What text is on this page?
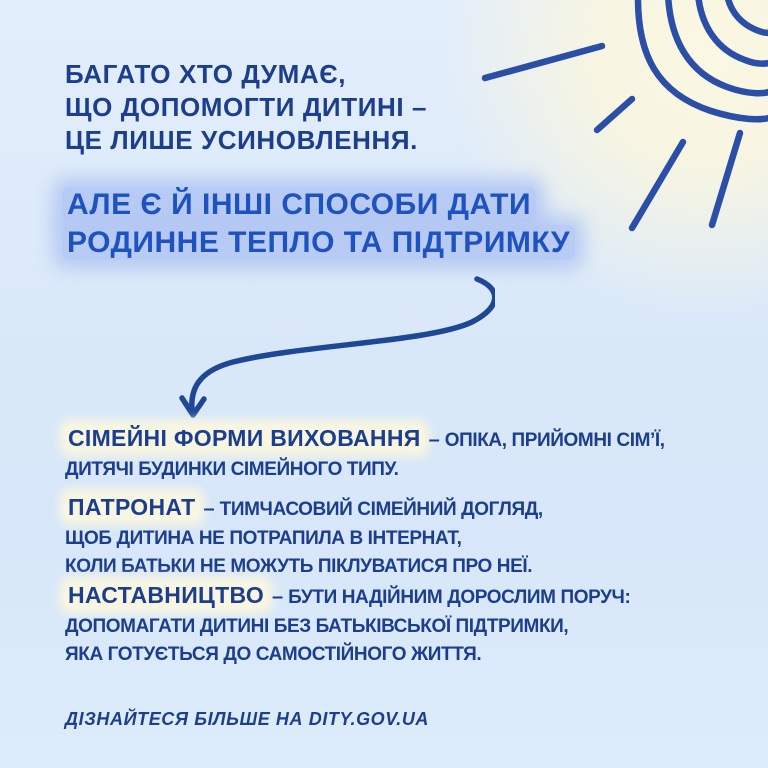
БАГАТО ХТО ДУМАЄ,
ЩО ДОПОМОГТИ ДИТИНІ –
ЦЕ ЛИШЕ УСИНОВЛЕННЯ.
АЛЕ Є Й ІНШІ СПОСОБИ ДАТИ
РОДИННЕ ТЕПЛО ТА ПІДТРИМКУ
СІМЕЙНІ ФОРМИ ВИХОВАННЯ – ОПІКА, ПРИЙОМНІ СІМ’Ї,
ДИТЯЧІ БУДИНКИ СІМЕЙНОГО ТИПУ.
ПАТРОНАТ – ТИМЧАСОВИЙ СІМЕЙНИЙ ДОГЛЯД,
ЩОБ ДИТИНА НЕ ПОТРАПИЛА В ІНТЕРНАТ,
КОЛИ БАТЬКИ НЕ МОЖУТЬ ПІКЛУВАТИСЯ ПРО НЕЇ.
НАСТАВНИЦТВО – БУТИ НАДІЙНИМ ДОРОСЛИМ ПОРУЧ:
ДОПОМАГАТИ ДИТИНІ БЕЗ БАТЬКІВСЬКОЇ ПІДТРИМКИ,
ЯКА ГОТУЄТЬСЯ ДО САМОСТІЙНОГО ЖИТТЯ.
ДІЗНАЙТЕСЯ БІЛЬШЕ НА DITY.GOV.UA
